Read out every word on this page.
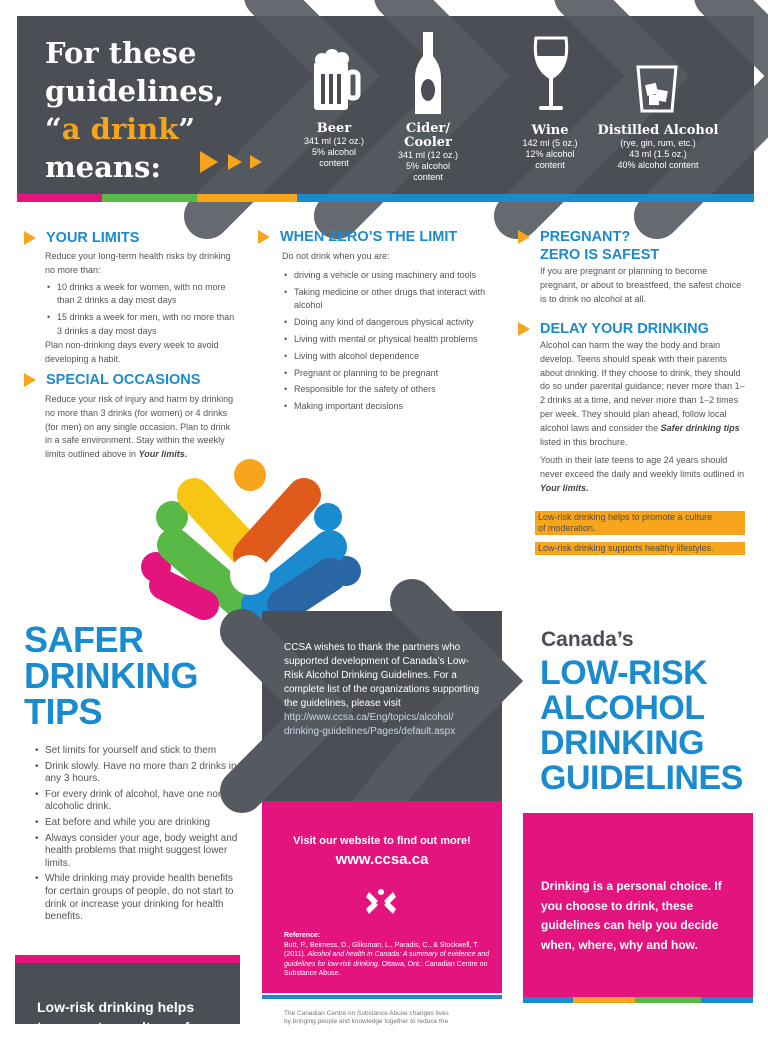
For these
guidelines,
“a drink”
means:
Beer
341 ml (12 oz.)
5% alcohol
content
Cider/
Cooler
341 ml (12 oz.)
5% alcohol
content
Wine
142 ml (5 oz.)
12% alcohol
content
Distilled Alcohol
(rye, gin, rum, etc.)
43 ml (1.5 oz.)
40% alcohol content
YOUR LIMITS
Reduce your long-term health risks by drinking no more than:
• 10 drinks a week for women, with no more than 2 drinks a day most days
• 15 drinks a week for men, with no more than 3 drinks a day most days
Plan non-drinking days every week to avoid developing a habit.
SPECIAL OCCASIONS
Reduce your risk of injury and harm by drinking no more than 3 drinks (for women) or 4 drinks (for men) on any single occasion. Plan to drink in a safe environment. Stay within the weekly limits outlined above in Your limits.
WHEN ZERO’S THE LIMIT
Do not drink when you are:
• driving a vehicle or using machinery and tools
• Taking medicine or other drugs that interact with alcohol
• Doing any kind of dangerous physical activity
• Living with mental or physical health problems
• Living with alcohol dependence
• Pregnant or planning to be pregnant
• Responsible for the safety of others
• Making important decisions
PREGNANT?
ZERO IS SAFEST
If you are pregnant or planning to become pregnant, or about to breastfeed, the safest choice is to drink no alcohol at all.
DELAY YOUR DRINKING
Alcohol can harm the way the body and brain develop. Teens should speak with their parents about drinking. If they choose to drink, they should do so under parental guidance; never more than 1–2 drinks at a time, and never more than 1–2 times per week. They should plan ahead, follow local alcohol laws and consider the Safer drinking tips listed in this brochure.
Youth in their late teens to age 24 years should never exceed the daily and weekly limits outlined in Your limits.
Low-risk drinking helps to promote a culture
of moderation.
Low-risk drinking supports healthy lifestyles.
SAFER
DRINKING
TIPS
• Set limits for yourself and stick to them
• Drink slowly. Have no more than 2 drinks in any 3 hours.
• For every drink of alcohol, have one non-alcoholic drink.
• Eat before and while you are drinking
• Always consider your age, body weight and health problems that might suggest lower limits.
• While drinking may provide health benefits for certain groups of people, do not start to drink or increase your drinking for health benefits.
Low-risk drinking helps
to promote a culture of
CCSA wishes to thank the partners who supported development of Canada’s Low-Risk Alcohol Drinking Guidelines. For a complete list of the organizations supporting the guidelines, please visit
http://www.ccsa.ca/Eng/topics/alcohol/
drinking-guidelines/Pages/default.aspx
Visit our website to find out more!
www.ccsa.ca
Reference:
Butt, P., Beirness, D., Gliksman, L., Paradis, C., & Stockwell, T. (2011). Alcohol and health in Canada: A summary of evidence and guidelines for low-risk drinking. Ottawa, Ont.: Canadian Centre on Substance Abuse.
The Canadian Centre on Substance Abuse changes lives
by bringing people and knowledge together to reduce the
Canada’s
LOW-RISK
ALCOHOL
DRINKING
GUIDELINES
Drinking is a personal choice. If you choose to drink, these guidelines can help you decide when, where, why and how.
